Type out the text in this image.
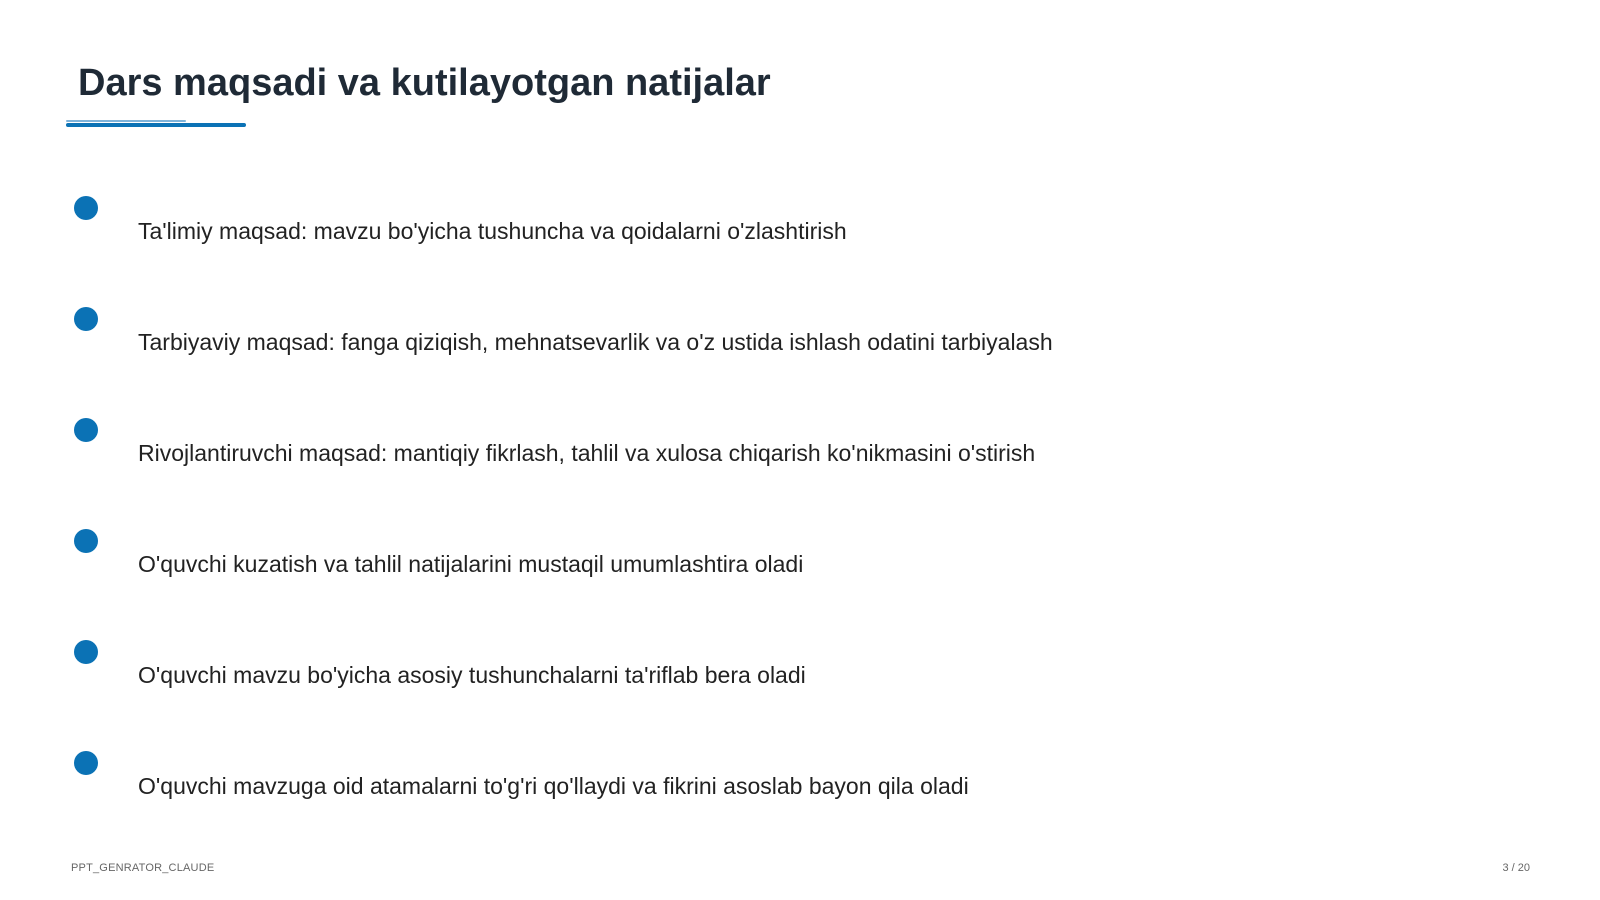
Dars maqsadi va kutilayotgan natijalar
Ta'limiy maqsad: mavzu bo'yicha tushuncha va qoidalarni o'zlashtirish
Tarbiyaviy maqsad: fanga qiziqish, mehnatsevarlik va o'z ustida ishlash odatini tarbiyalash
Rivojlantiruvchi maqsad: mantiqiy fikrlash, tahlil va xulosa chiqarish ko'nikmasini o'stirish
O'quvchi kuzatish va tahlil natijalarini mustaqil umumlashtira oladi
O'quvchi mavzu bo'yicha asosiy tushunchalarni ta'riflab bera oladi
O'quvchi mavzuga oid atamalarni to'g'ri qo'llaydi va fikrini asoslab bayon qila oladi
PPT_GENRATOR_CLAUDE	3 / 20
